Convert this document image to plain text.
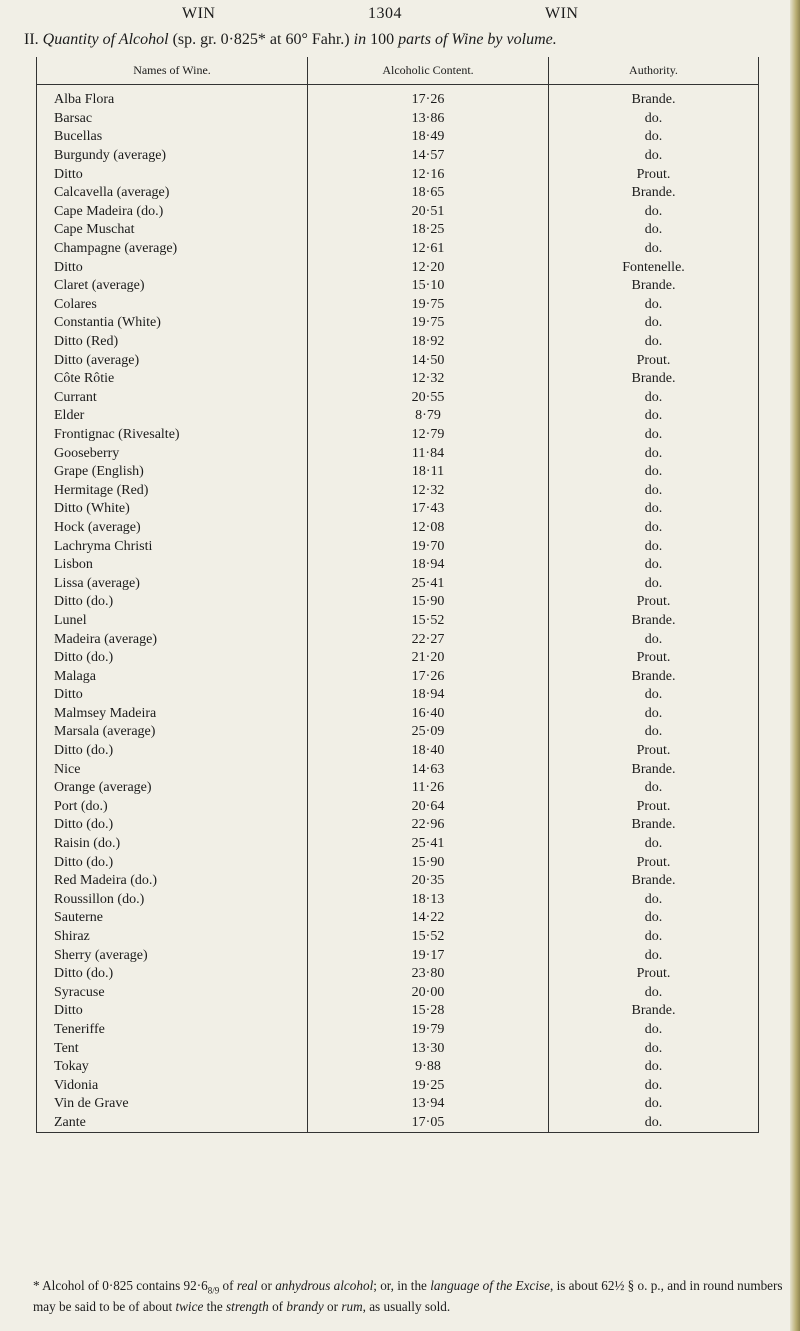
WIN	1304	WIN
II. Quantity of Alcohol (sp. gr. 0·825* at 60° Fahr.) in 100 parts of Wine by volume.
Names of Wine.	Alcoholic Content.	Authority.

Alba Flora	17·26	Brande.
Barsac	13·86	do.
Bucellas	18·49	do.
Burgundy (average)	14·57	do.
Ditto	12·16	Prout.
Calcavella (average)	18·65	Brande.
Cape Madeira (do.)	20·51	do.
Cape Muschat	18·25	do.
Champagne (average)	12·61	do.
Ditto	12·20	Fontenelle.
Claret (average)	15·10	Brande.
Colares	19·75	do.
Constantia (White)	19·75	do.
Ditto (Red)	18·92	do.
Ditto (average)	14·50	Prout.
Côte Rôtie	12·32	Brande.
Currant	20·55	do.
Elder	8·79	do.
Frontignac (Rivesalte)	12·79	do.
Gooseberry	11·84	do.
Grape (English)	18·11	do.
Hermitage (Red)	12·32	do.
Ditto (White)	17·43	do.
Hock (average)	12·08	do.
Lachryma Christi	19·70	do.
Lisbon	18·94	do.
Lissa (average)	25·41	do.
Ditto (do.)	15·90	Prout.
Lunel	15·52	Brande.
Madeira (average)	22·27	do.
Ditto (do.)	21·20	Prout.
Malaga	17·26	Brande.
Ditto	18·94	do.
Malmsey Madeira	16·40	do.
Marsala (average)	25·09	do.
Ditto (do.)	18·40	Prout.
Nice	14·63	Brande.
Orange (average)	11·26	do.
Port (do.)	20·64	Prout.
Ditto (do.)	22·96	Brande.
Raisin (do.)	25·41	do.
Ditto (do.)	15·90	Prout.
Red Madeira (do.)	20·35	Brande.
Roussillon (do.)	18·13	do.
Sauterne	14·22	do.
Shiraz	15·52	do.
Sherry (average)	19·17	do.
Ditto (do.)	23·80	Prout.
Syracuse	20·00	do.
Ditto	15·28	Brande.
Teneriffe	19·79	do.
Tent	13·30	do.
Tokay	9·88	do.
Vidonia	19·25	do.
Vin de Grave	13·94	do.
Zante	17·05	do.
* Alcohol of 0·825 contains $92\cdot 6_{8/9}$ of real or anhydrous alcohol; or, in the language of the Excise, is about 62½ § o. p., and in round numbers may be said to be of about twice the strength of brandy or rum, as usually sold.
